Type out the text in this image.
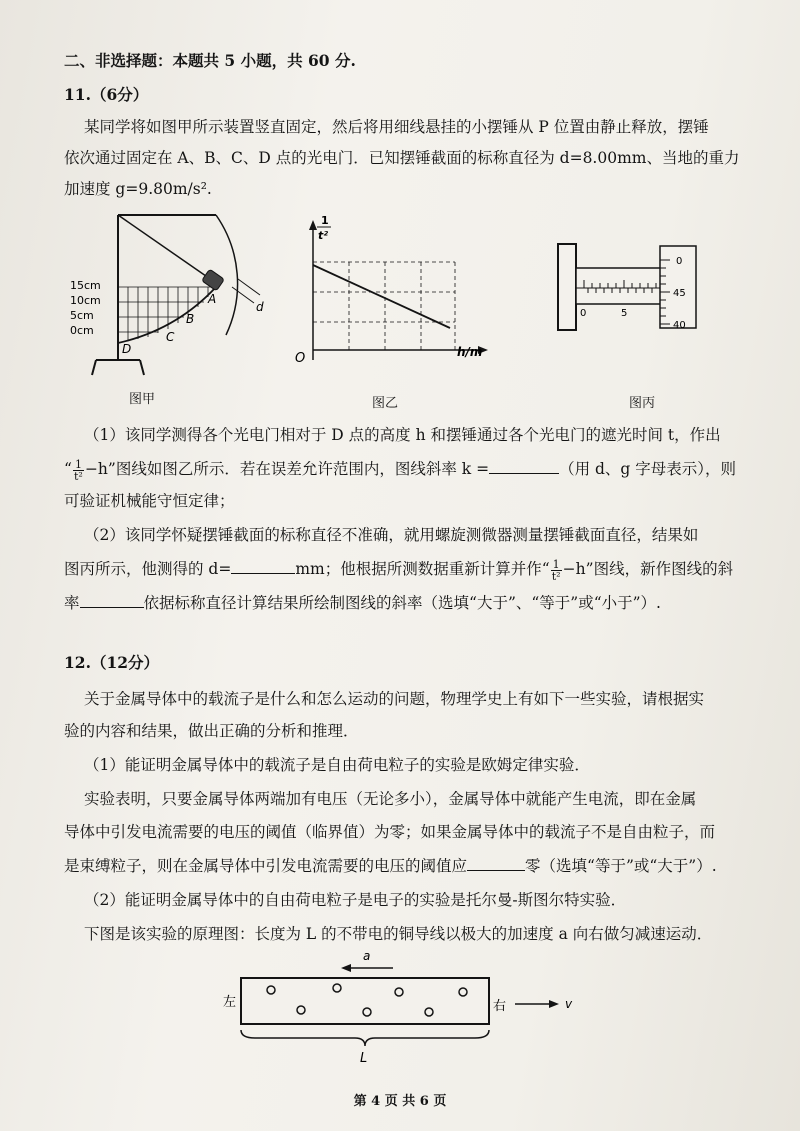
二、非选择题：本题共 5 小题，共 60 分.
11.（6分）
某同学将如图甲所示装置竖直固定，然后将用细线悬挂的小摆锤从 P 位置由静止释放，摆锤
依次通过固定在 A、B、C、D 点的光电门．已知摆锤截面的标称直径为 d=8.00mm、当地的重力
加速度 g=9.80m/s².
15cm
10cm
5cm
0cm
A
B
C
D
d
图甲
1
t²
h/m
O
图乙
0	5
0
45
40
图丙
（1）该同学测得各个光电门相对于 D 点的高度 h 和摆锤通过各个光电门的遮光时间 t，作出
“ $\frac{1}{\text{t²}} -h$”图线如图乙所示．若在误差允许范围内，图线斜率 k =	（用 d、g 字母表示），则
可验证机械能守恒定律；
（2）该同学怀疑摆锤截面的标称直径不准确，就用螺旋测微器测量摆锤截面直径，结果如
图丙所示，他测得的 d=	mm；他根据所测数据重新计算并作“ $\frac{1}{\text{t²}} -h$”图线，新作图线的斜
率	依据标称直径计算结果所绘制图线的斜率（选填“大于”、“等于”或“小于”）.
12.（12分）
关于金属导体中的载流子是什么和怎么运动的问题，物理学史上有如下一些实验，请根据实
验的内容和结果，做出正确的分析和推理．
（1）能证明金属导体中的载流子是自由荷电粒子的实验是欧姆定律实验．
实验表明，只要金属导体两端加有电压（无论多小），金属导体中就能产生电流，即在金属
导体中引发电流需要的电压的阈值（临界值）为零；如果金属导体中的载流子不是自由粒子，而
是束缚粒子，则在金属导体中引发电流需要的电压的阈值应	零（选填“等于”或“大于”）.
（2）能证明金属导体中的自由荷电粒子是电子的实验是托尔曼-斯图尔特实验．
下图是该实验的原理图：长度为 L 的不带电的铜导线以极大的加速度 a 向右做匀减速运动．
a
左	右	v
L
第 4 页 共 6 页
